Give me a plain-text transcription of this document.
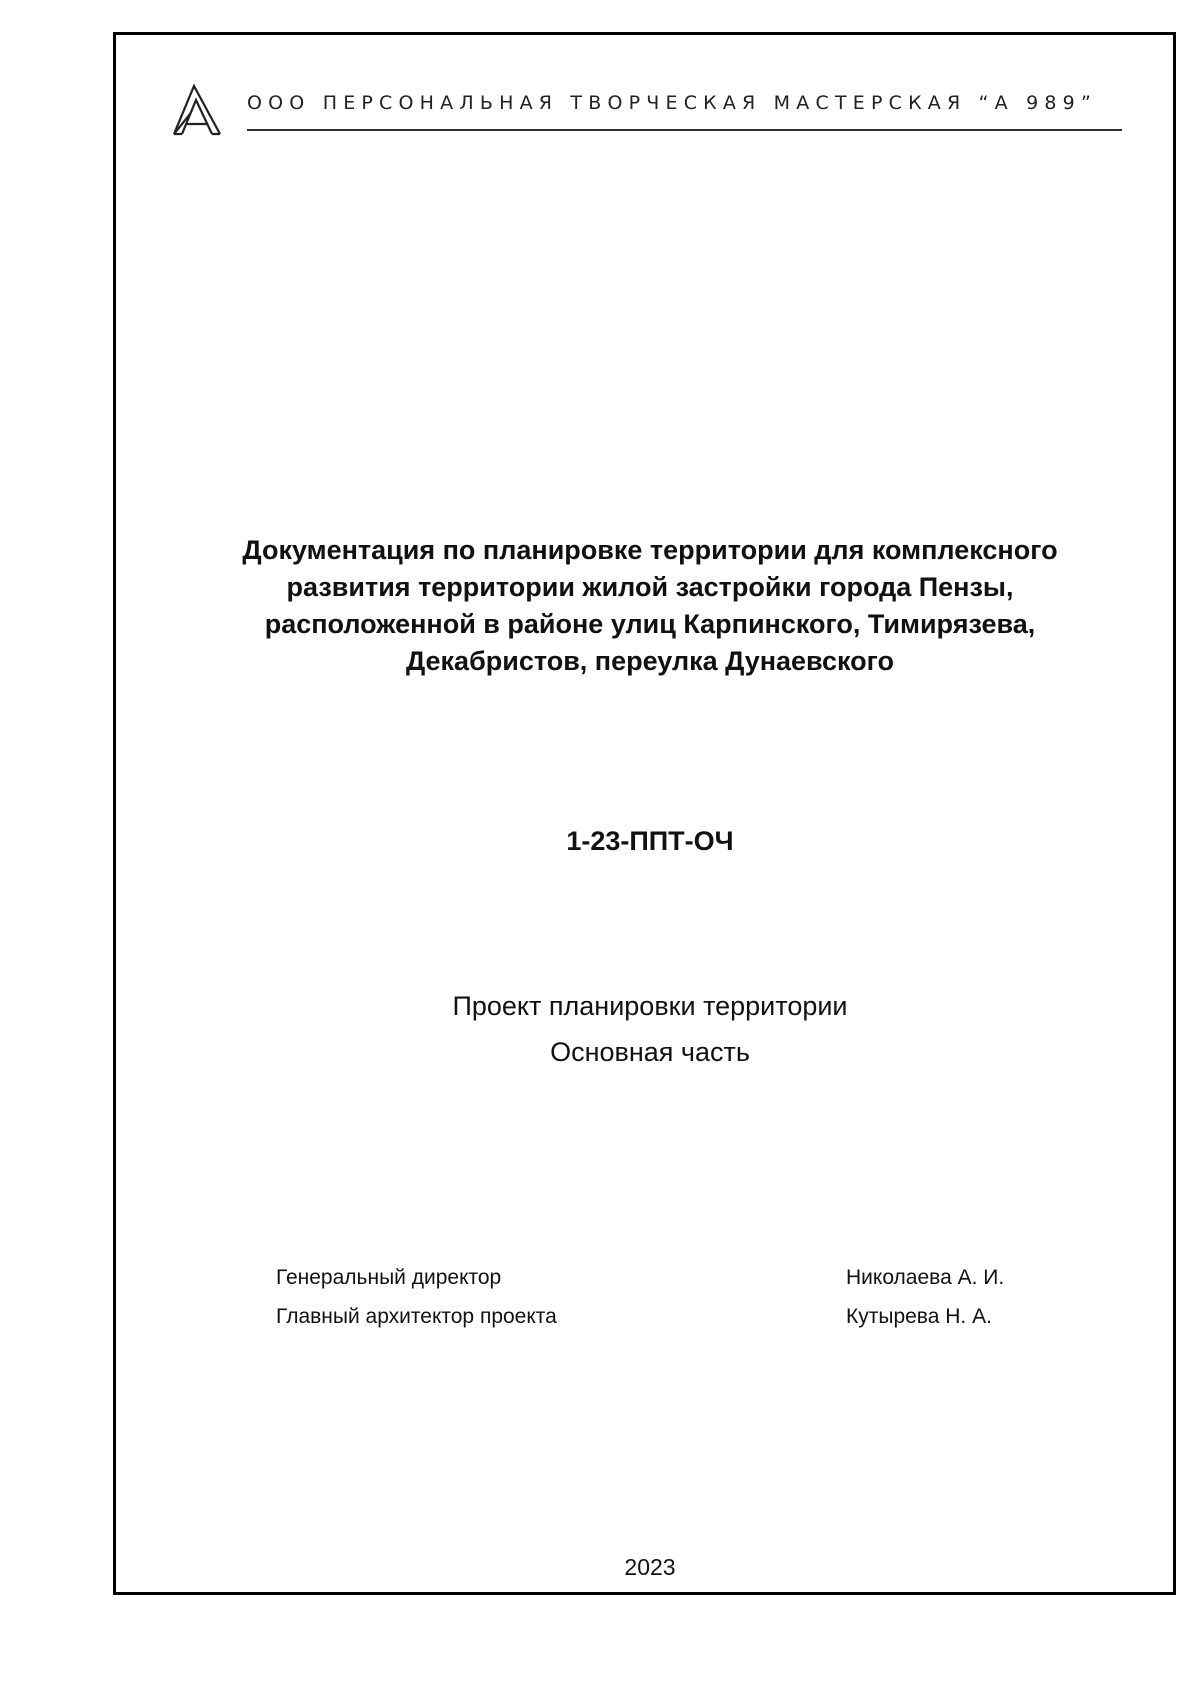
ООО ПЕРСОНАЛЬНАЯ ТВОРЧЕСКАЯ МАСТЕРСКАЯ “А 989”
Документация по планировке территории для комплексного
развития территории жилой застройки города Пензы,
расположенной в районе улиц Карпинского, Тимирязева,
Декабристов, переулка Дунаевского
1-23-ППТ-ОЧ
Проект планировки территории
Основная часть
Генеральный директор	Николаева А. И.
Главный архитектор проекта	Кутырева Н. А.
2023
